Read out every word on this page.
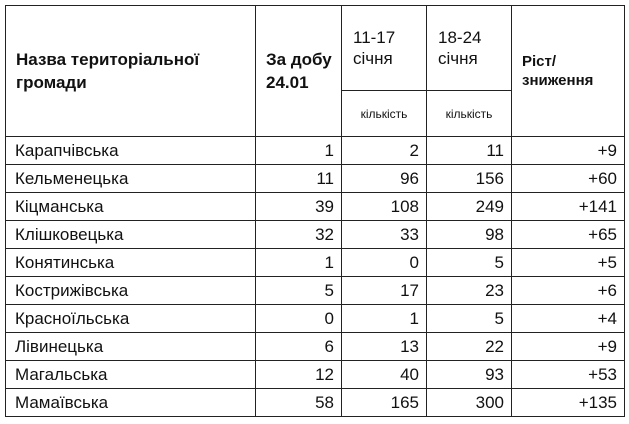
Назва територіальної громади	За добу 24.01	11-17 січня	18-24 січня	Ріст/ зниження
		кількість	кількість	
Карапчівська	1	2	11	+9
Кельменецька	11	96	156	+60
Кіцманська	39	108	249	+141
Клішковецька	32	33	98	+65
Конятинська	1	0	5	+5
Кострижівська	5	17	23	+6
Красноїльська	0	1	5	+4
Лівинецька	6	13	22	+9
Магальська	12	40	93	+53
Мамаївська	58	165	300	+135
